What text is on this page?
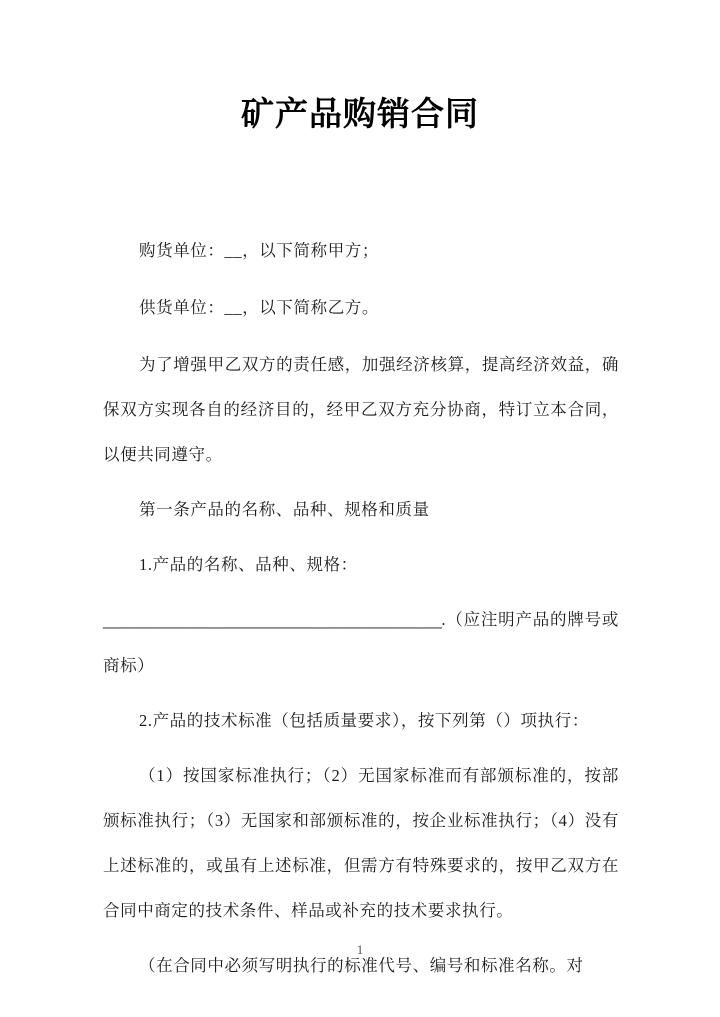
矿产品购销合同

购货单位：__，以下简称甲方；

供货单位：__，以下简称乙方。

为了增强甲乙双方的责任感，加强经济核算，提高经济效益，确保双方实现各自的经济目的，经甲乙双方充分协商，特订立本合同，以便共同遵守。

第一条产品的名称、品种、规格和质量

1.产品的名称、品种、规格：

_______________________________________.（应注明产品的牌号或商标）

2.产品的技术标准（包括质量要求），按下列第（）项执行：

（1）按国家标准执行；（2）无国家标准而有部颁标准的，按部颁标准执行；（3）无国家和部颁标准的，按企业标准执行；（4）没有上述标准的，或虽有上述标准，但需方有特殊要求的，按甲乙双方在合同中商定的技术条件、样品或补充的技术要求执行。

（在合同中必须写明执行的标准代号、编号和标准名称。对

1
